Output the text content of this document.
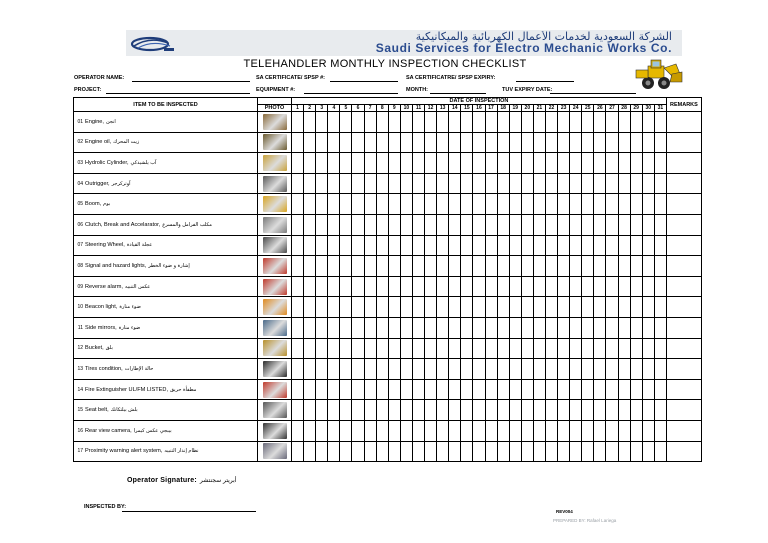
الشركة السعودية لخدمات الأعمال الكهربائية والميكانيكية
Saudi Services for Electro Mechanic Works Co.
TELEHANDLER MONTHLY INSPECTION CHECKLIST
OPERATOR NAME:	SA CERTIFICATE/ SPSP #:	SA CERTIFICATRE/ SPSP EXPIRY:
PROJECT:	EQUIPMENT #:	MONTH:	TUV EXPIRY DATE:
ITEM TO BE INSPECTED		DATE OF INSPECTION																															REMARKS
	PHOTO	1	2	3	4	5	6	7	8	9	10	11	12	13	14	15	16	17	18	19	20	21	22	23	24	25	26	27	28	29	30	31	
01 Engine, انجن																																	
02 Engine oil, زيت المحرك																																	
03 Hydrolic Cylinder, آب يلشيدكي																																	
04 Outrigger, آوتركرجر																																	
05 Boom, بوم																																	
06 Clutch, Break and Accelarator, مكلب الفرامل والمسرع																																	
07 Steering Wheel, عجلة القيادة																																	
08 Signal and hazard lights, إشارة و ضوء الخطر																																	
09 Reverse alarm, عكس التنبيه																																	
10 Beacon light, ضوء منارة																																	
11 Side mirrors, ضوء منارة																																	
12 Bucket, بلق																																	
13 Tires condition, حالة الإطارات																																	
14 Fire Extinguisher UL/FM LISTED, مطفأة حريق																																	
15 Seat belt, بلش بيلتكانك																																	
16 Rear view camera, بيبجي عكس كيمرا																																	
17 Proximity warning alert system, نظام إنذار التنبيه																																	
Operator Signature: أبريتر سجنتشر
INSPECTED BY:
REV004
PREPARED BY: Rafael Lariega
